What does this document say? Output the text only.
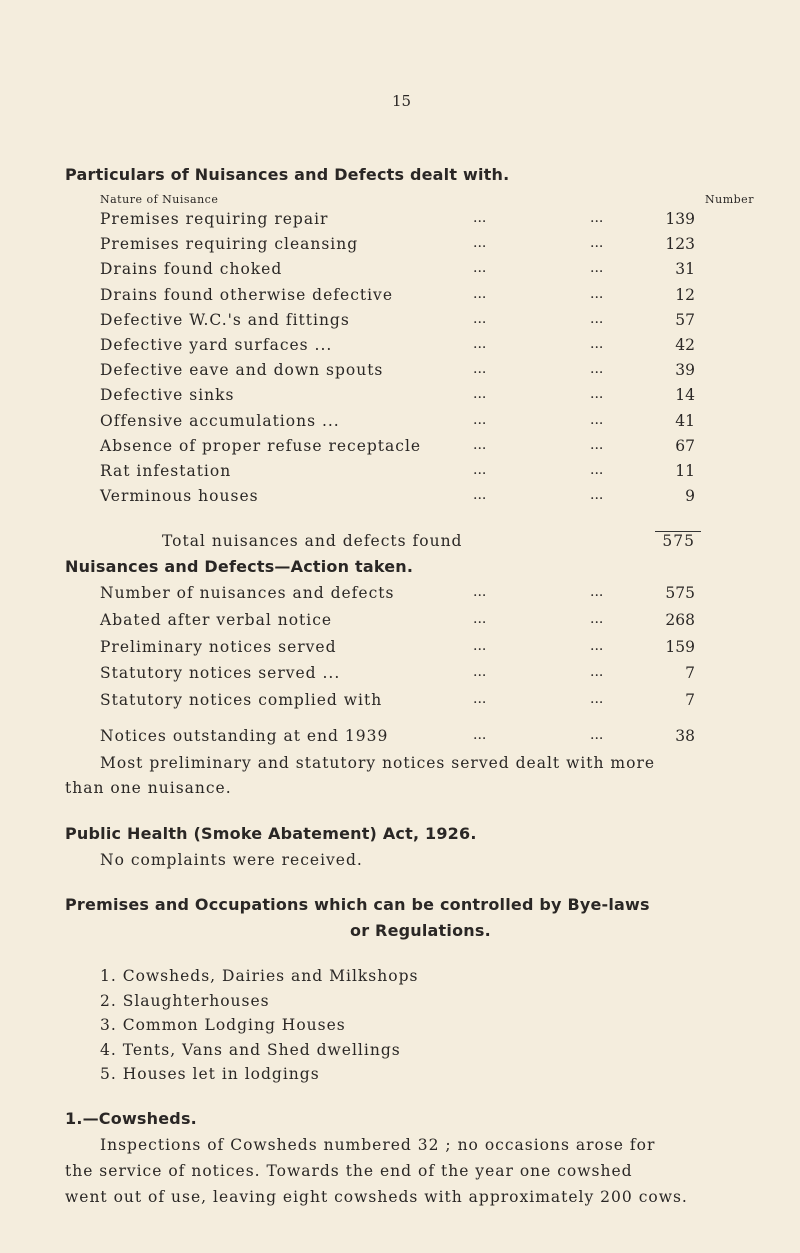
15
Particulars of Nuisances and Defects dealt with.
Nature of Nuisance	Number
Premises requiring repair	...	...	139
Premises requiring cleansing	...	...	123
Drains found choked	...	...	31
Drains found otherwise defective	...	...	12
Defective W.C.'s and fittings	...	...	57
Defective yard surfaces ...	...	...	42
Defective eave and down spouts	...	...	39
Defective sinks	...	...	14
Offensive accumulations ...	...	...	41
Absence of proper refuse receptacle	...	...	67
Rat infestation	...	...	11
Verminous houses	...	...	9
Total nuisances and defects found	575
Nuisances and Defects—Action taken.
Number of nuisances and defects	...	...	575
Abated after verbal notice	...	...	268
Preliminary notices served	...	...	159
Statutory notices served ...	...	...	7
Statutory notices complied with	...	...	7
Notices outstanding at end 1939	...	...	38
Most preliminary and statutory notices served dealt with more
than one nuisance.
Public Health (Smoke Abatement) Act, 1926.
No complaints were received.
Premises and Occupations which can be controlled by Bye-laws
or Regulations.
1. Cowsheds, Dairies and Milkshops
2. Slaughterhouses
3. Common Lodging Houses
4. Tents, Vans and Shed dwellings
5. Houses let in lodgings
1.—Cowsheds.
Inspections of Cowsheds numbered 32 ; no occasions arose for
the service of notices. Towards the end of the year one cowshed
went out of use, leaving eight cowsheds with approximately 200 cows.
